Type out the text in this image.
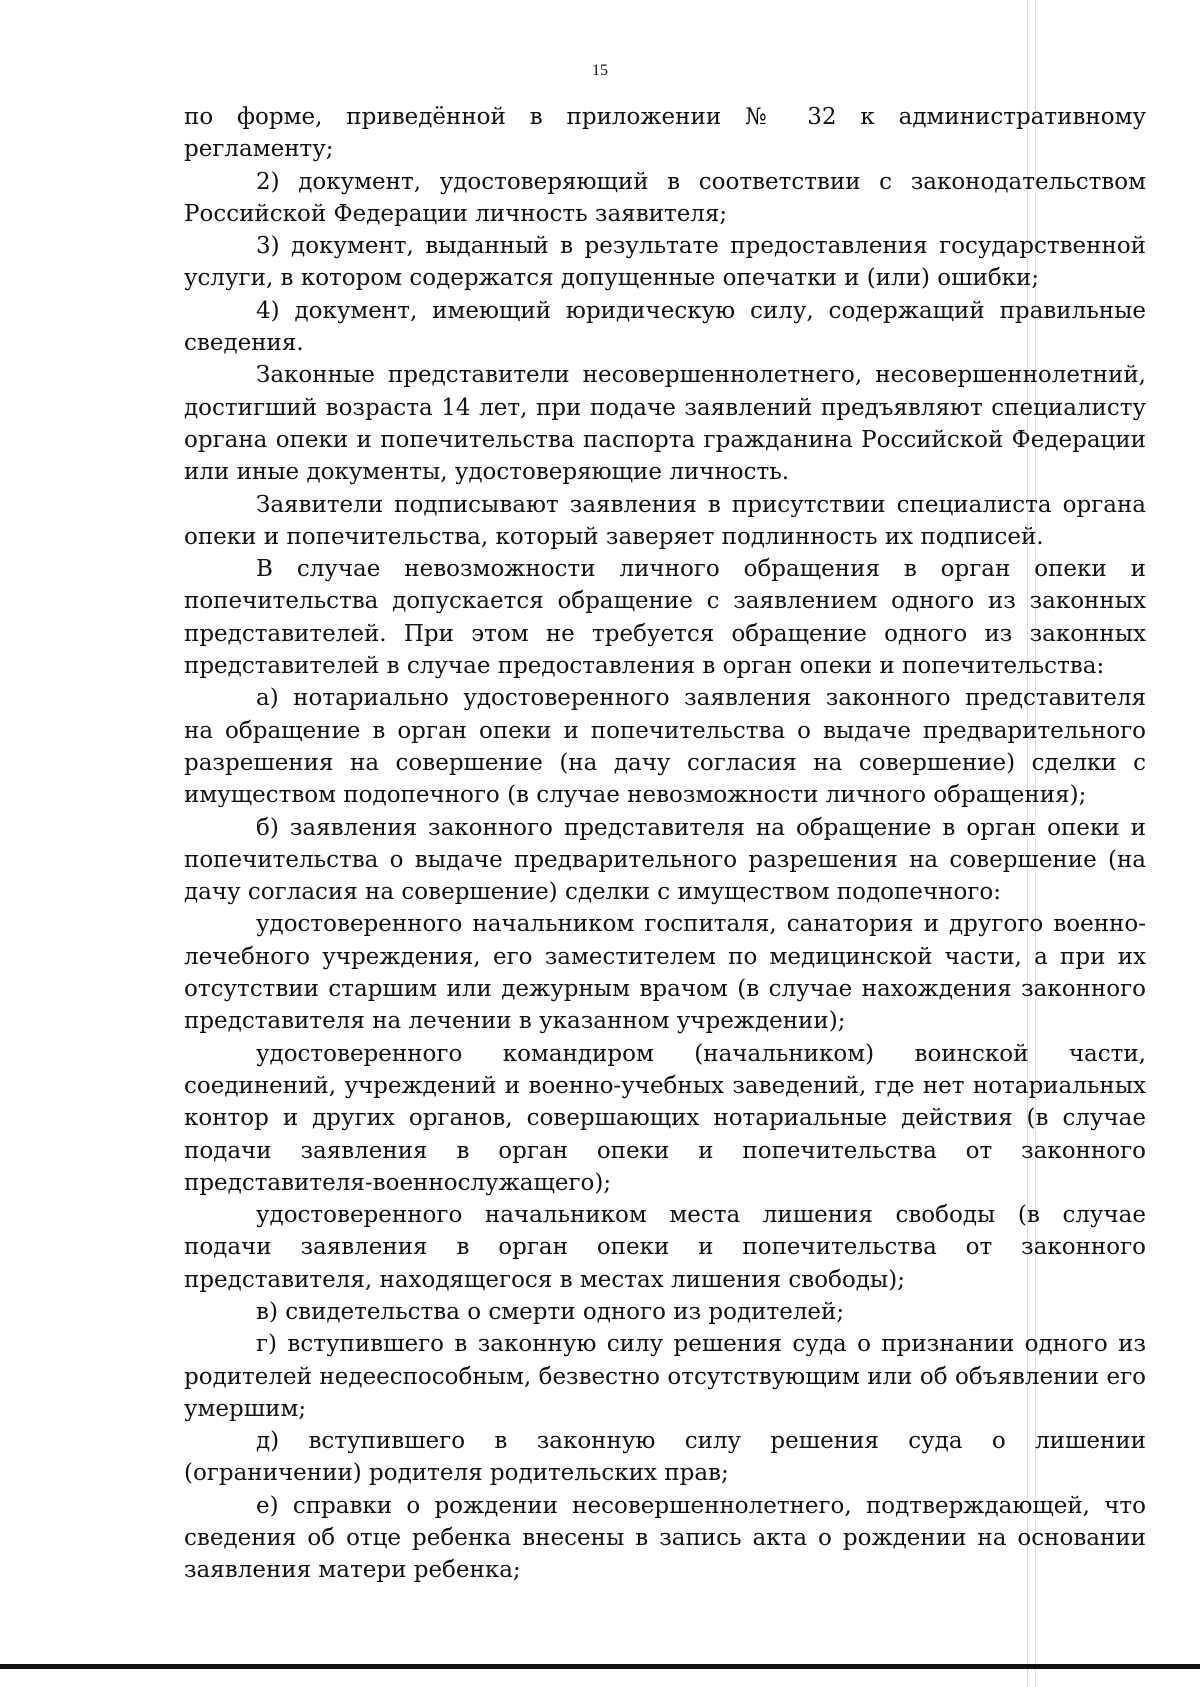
15

по форме, приведённой в приложении № 32 к административному регламенту;

2) документ, удостоверяющий в соответствии с законодательством Российской Федерации личность заявителя;

3) документ, выданный в результате предоставления государственной услуги, в котором содержатся допущенные опечатки и (или) ошибки;

4) документ, имеющий юридическую силу, содержащий правильные сведения.

Законные представители несовершеннолетнего, несовершеннолетний, достигший возраста 14 лет, при подаче заявлений предъявляют специалисту органа опеки и попечительства паспорта гражданина Российской Федерации или иные документы, удостоверяющие личность.

Заявители подписывают заявления в присутствии специалиста органа опеки и попечительства, который заверяет подлинность их подписей.

В случае невозможности личного обращения в орган опеки и попечительства допускается обращение с заявлением одного из законных представителей. При этом не требуется обращение одного из законных представителей в случае предоставления в орган опеки и попечительства:

а) нотариально удостоверенного заявления законного представителя на обращение в орган опеки и попечительства о выдаче предварительного разрешения на совершение (на дачу согласия на совершение) сделки с имуществом подопечного (в случае невозможности личного обращения);

б) заявления законного представителя на обращение в орган опеки и попечительства о выдаче предварительного разрешения на совершение (на дачу согласия на совершение) сделки с имуществом подопечного:

удостоверенного начальником госпиталя, санатория и другого военно-лечебного учреждения, его заместителем по медицинской части, а при их отсутствии старшим или дежурным врачом (в случае нахождения законного представителя на лечении в указанном учреждении);

удостоверенного командиром (начальником) воинской части, соединений, учреждений и военно-учебных заведений, где нет нотариальных контор и других органов, совершающих нотариальные действия (в случае подачи заявления в орган опеки и попечительства от законного представителя-военнослужащего);

удостоверенного начальником места лишения свободы (в случае подачи заявления в орган опеки и попечительства от законного представителя, находящегося в местах лишения свободы);

в) свидетельства о смерти одного из родителей;

г) вступившего в законную силу решения суда о признании одного из родителей недееспособным, безвестно отсутствующим или об объявлении его умершим;

д) вступившего в законную силу решения суда о лишении (ограничении) родителя родительских прав;

е) справки о рождении несовершеннолетнего, подтверждающей, что сведения об отце ребенка внесены в запись акта о рождении на основании заявления матери ребенка;
